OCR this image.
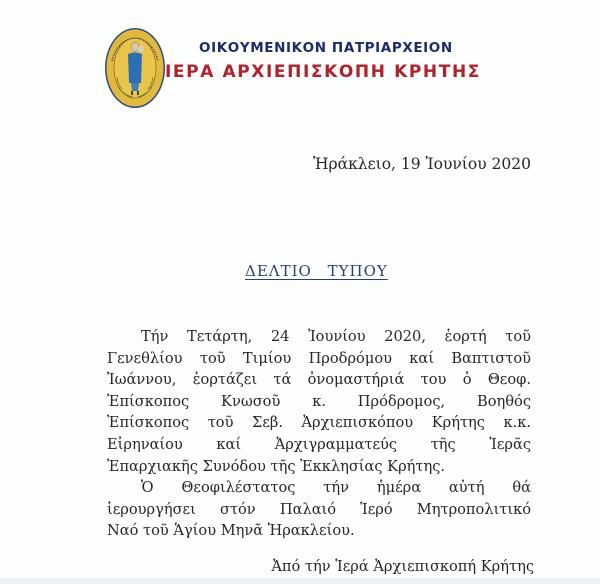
ΟΙΚΟΥΜΕΝΙΚΟΝ ΠΑΤΡΙΑΡΧΕΙΟΝ
ΙΕΡΑ ΑΡΧΙΕΠΙΣΚΟΠΗ ΚΡΗΤΗΣ
Ἡράκλειο, 19 Ἰουνίου 2020
ΔΕΛΤΙΟ ΤΥΠΟΥ
Τήν Τετάρτη, 24 Ἰουνίου 2020, ἑορτή τοῦ
Γενεθλίου τοῦ Τιμίου Προδρόμου καί Βαπτιστοῦ
Ἰωάννου, ἑορτάζει τά ὀνομαστήριά του ὁ Θεοφ.
Ἐπίσκοπος Κνωσοῦ κ. Πρόδρομος, Βοηθός
Ἐπίσκοπος τοῦ Σεβ. Ἀρχιεπισκόπου Κρήτης κ.κ.
Εἰρηναίου καί Ἀρχιγραμματεύς τῆς Ἱερᾶς
Ἐπαρχιακῆς Συνόδου τῆς Ἐκκλησίας Κρήτης.
Ὁ Θεοφιλέστατος τήν ἡμέρα αὐτή θά
ἱερουργήσει στόν Παλαιό Ἱερό Μητροπολιτικό
Ναό τοῦ Ἁγίου Μηνᾶ Ἡρακλείου.
Ἀπό τήν Ἱερά Ἀρχιεπισκοπή Κρήτης
